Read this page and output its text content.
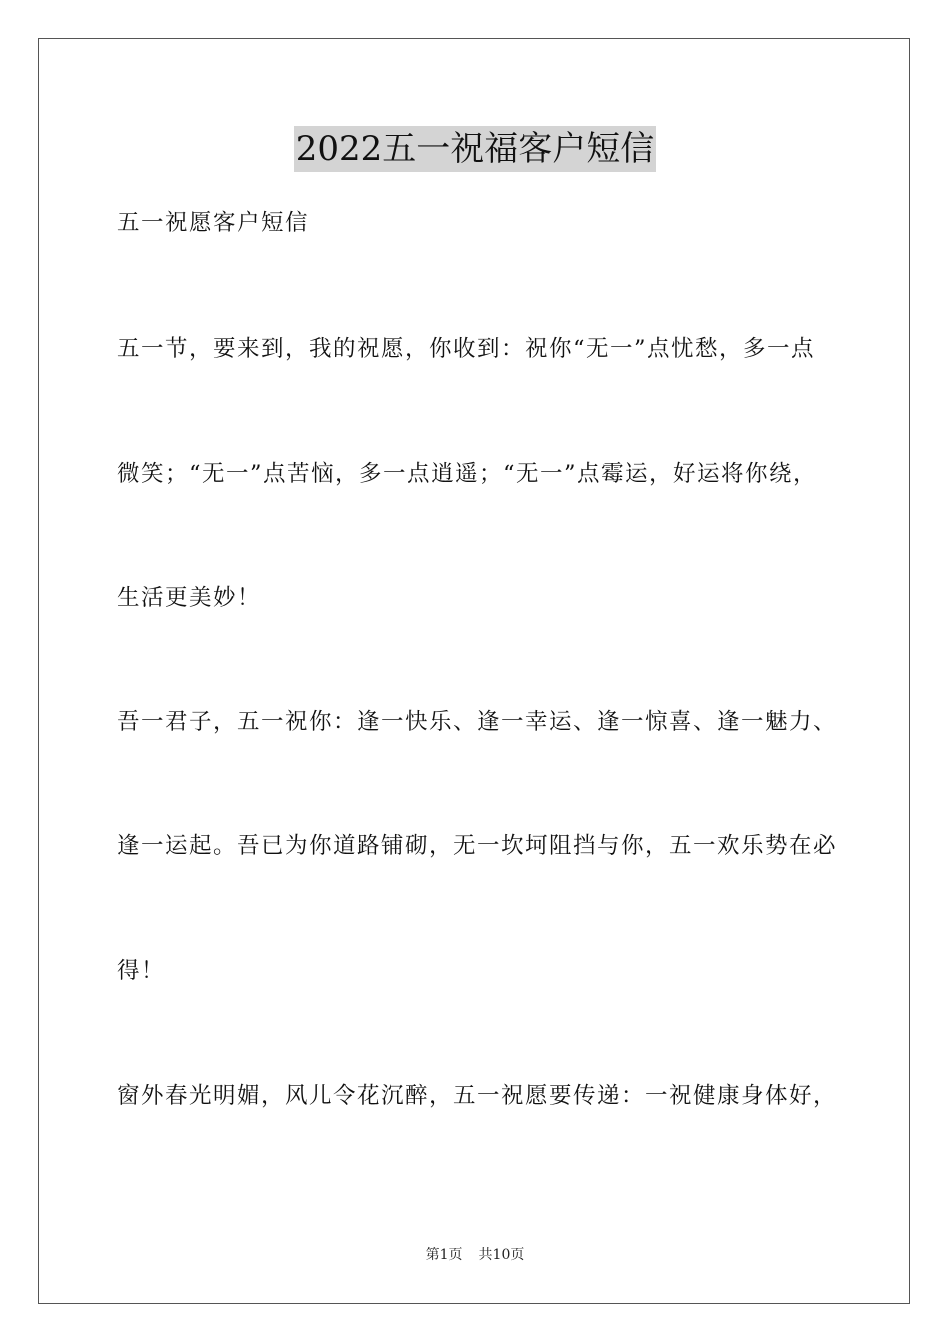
2022五一祝福客户短信
五一祝愿客户短信
五一节，要来到，我的祝愿，你收到：祝你“无一”点忧愁，多一点
微笑；“无一”点苦恼，多一点逍遥；“无一”点霉运，好运将你绕，
生活更美妙！
吾一君子，五一祝你：逢一快乐、逢一幸运、逢一惊喜、逢一魅力、
逢一运起。吾已为你道路铺砌，无一坎坷阻挡与你，五一欢乐势在必
得！
窗外春光明媚，风儿令花沉醉，五一祝愿要传递：一祝健康身体好，
第1页 共10页
